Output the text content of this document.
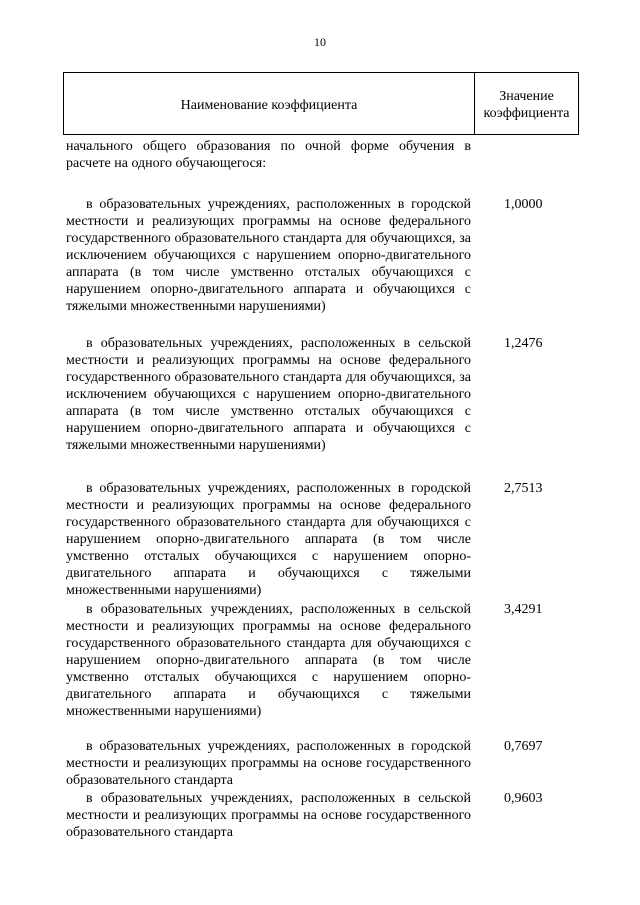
10
Наименование коэффициента
Значение коэффициента

начального общего образования по очной форме обучения в расчете на одного обучающегося:

в образовательных учреждениях, расположенных в городской местности и реализующих программы на основе федерального государственного образовательного стандарта для обучающихся, за исключением обучающихся с нарушением опорно-двигательного аппарата (в том числе умственно отсталых обучающихся с нарушением опорно-двигательного аппарата и обучающихся с тяжелыми множественными нарушениями)

1,0000

в образовательных учреждениях, расположенных в сельской местности и реализующих программы на основе федерального государственного образовательного стандарта для обучающихся, за исключением обучающихся с нарушением опорно-двигательного аппарата (в том числе умственно отсталых обучающихся с нарушением опорно-двигательного аппарата и обучающихся с тяжелыми множественными нарушениями)

1,2476

в образовательных учреждениях, расположенных в городской местности и реализующих программы на основе федерального государственного образовательного стандарта для обучающихся с нарушением опорно-двигательного аппарата (в том числе умственно отсталых обучающихся с нарушением опорно-двигательного аппарата и обучающихся с тяжелыми множественными нарушениями)

2,7513

в образовательных учреждениях, расположенных в сельской местности и реализующих программы на основе федерального государственного образовательного стандарта для обучающихся с нарушением опорно-двигательного аппарата (в том числе умственно отсталых обучающихся с нарушением опорно-двигательного аппарата и обучающихся с тяжелыми множественными нарушениями)

3,4291

в образовательных учреждениях, расположенных в городской местности и реализующих программы на основе государственного образовательного стандарта

0,7697

в образовательных учреждениях, расположенных в сельской местности и реализующих программы на основе государственного образовательного стандарта

0,9603
